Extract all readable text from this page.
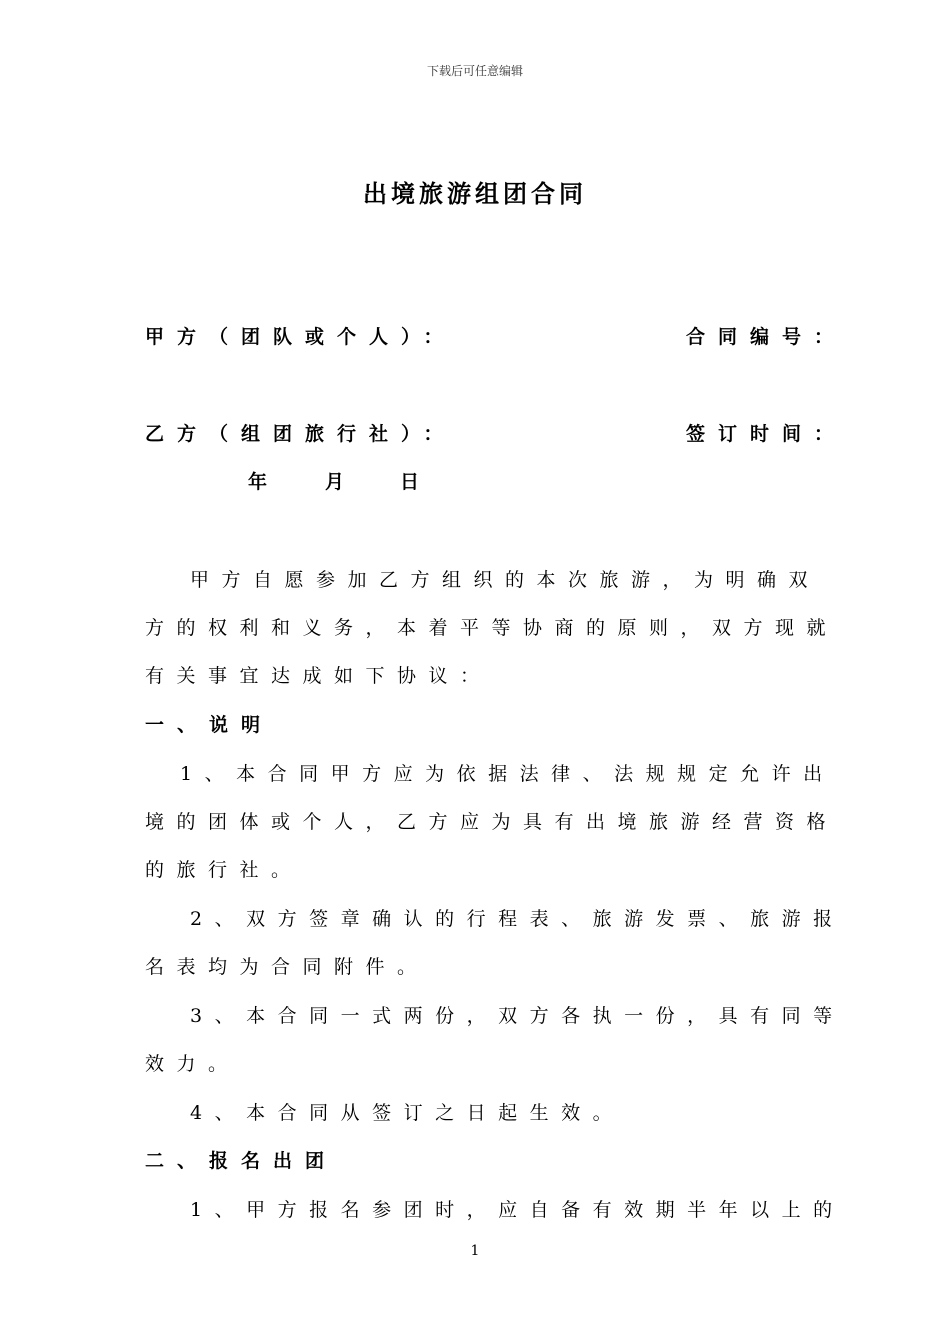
下载后可任意编辑
出境旅游组团合同
甲方（团队或个人）：	合同编号：
乙方（组团旅行社）：	签订时间：
年 月 日
甲方自愿参加乙方组织的本次旅游，为明确双
方的权利和义务，本着平等协商的原则，双方现就
有关事宜达成如下协议：
一、说明
1、本合同甲方应为依据法律、法规规定允许出
境的团体或个人，乙方应为具有出境旅游经营资格
的旅行社。
2、双方签章确认的行程表、旅游发票、旅游报
名表均为合同附件。
3、本合同一式两份，双方各执一份，具有同等
效力。
4、本合同从签订之日起生效。
二、报名出团
1、甲方报名参团时，应自备有效期半年以上的
1
